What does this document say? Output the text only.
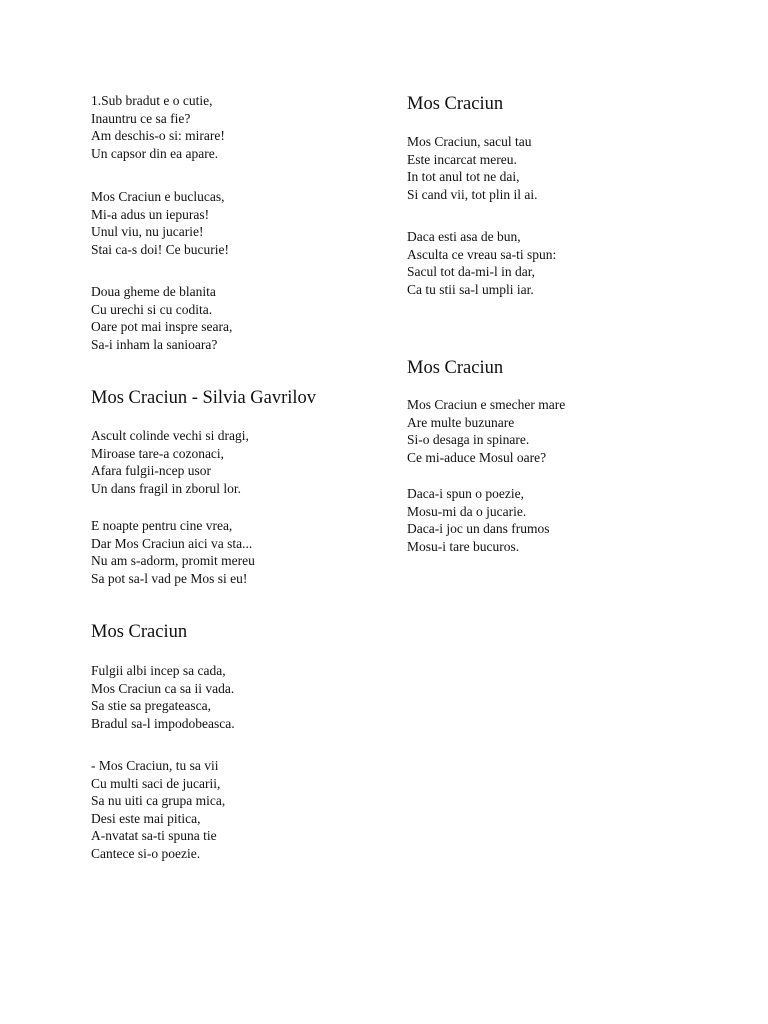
1.Sub bradut e o cutie,
Inauntru ce sa fie?
Am deschis-o si: mirare!
Un capsor din ea apare.
Mos Craciun e buclucas,
Mi-a adus un iepuras!
Unul viu, nu jucarie!
Stai ca-s doi! Ce bucurie!
Doua gheme de blanita
Cu urechi si cu codita.
Oare pot mai inspre seara,
Sa-i inham la sanioara?
Mos Craciun - Silvia Gavrilov
Ascult colinde vechi si dragi,
Miroase tare-a cozonaci,
Afara fulgii-ncep usor
Un dans fragil in zborul lor.
E noapte pentru cine vrea,
Dar Mos Craciun aici va sta...
Nu am s-adorm, promit mereu
Sa pot sa-l vad pe Mos si eu!
Mos Craciun
Fulgii albi incep sa cada,
Mos Craciun ca sa ii vada.
Sa stie sa pregateasca,
Bradul sa-l impodobeasca.
- Mos Craciun, tu sa vii
Cu multi saci de jucarii,
Sa nu uiti ca grupa mica,
Desi este mai pitica,
A-nvatat sa-ti spuna tie
Cantece si-o poezie.
Mos Craciun
Mos Craciun, sacul tau
Este incarcat mereu.
In tot anul tot ne dai,
Si cand vii, tot plin il ai.
Daca esti asa de bun,
Asculta ce vreau sa-ti spun:
Sacul tot da-mi-l in dar,
Ca tu stii sa-l umpli iar.
Mos Craciun
Mos Craciun e smecher mare
Are multe buzunare
Si-o desaga in spinare.
Ce mi-aduce Mosul oare?
Daca-i spun o poezie,
Mosu-mi da o jucarie.
Daca-i joc un dans frumos
Mosu-i tare bucuros.
